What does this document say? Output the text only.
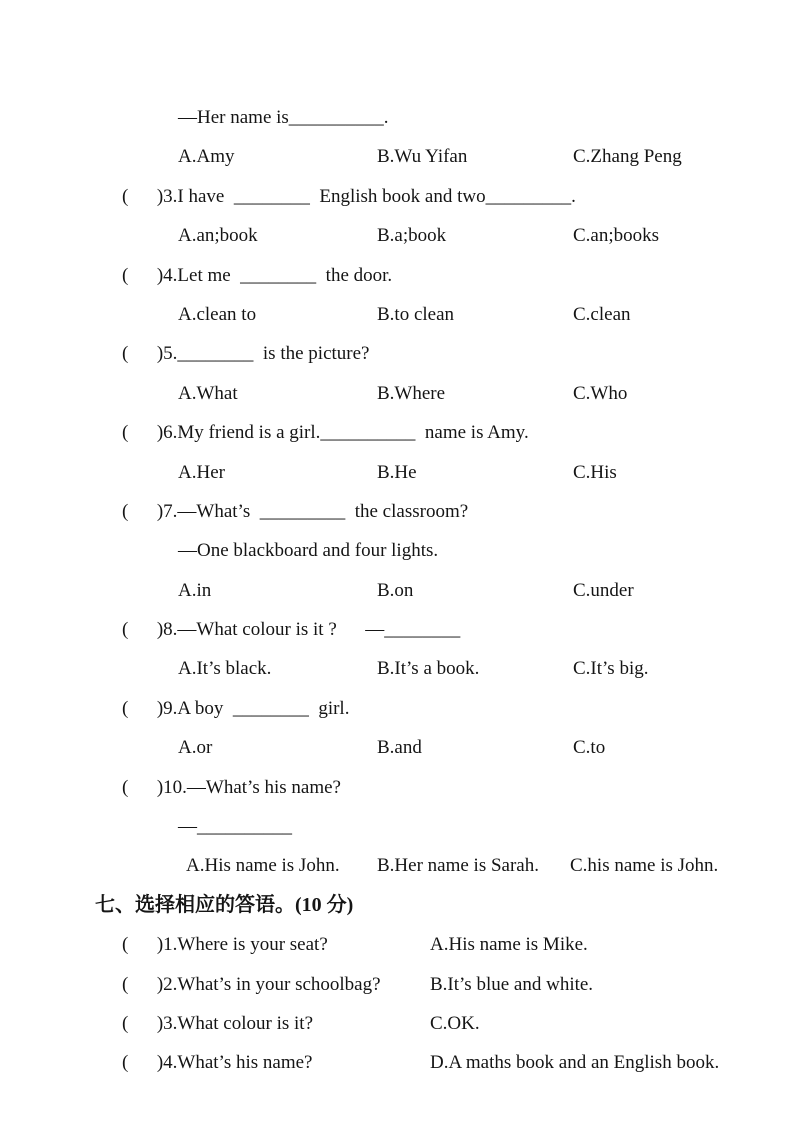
—Her name is__________.
A.Amy	B.Wu Yifan	C.Zhang Peng
(      )3.I have  ________  English book and two_________.
A.an;book	B.a;book	C.an;books
(      )4.Let me  ________  the door.
A.clean to	B.to clean	C.clean
(      )5.________  is the picture?
A.What	B.Where	C.Who
(      )6.My friend is a girl.__________  name is Amy.
A.Her	B.He	C.His
(      )7.—What’s  _________  the classroom?
—One blackboard and four lights.
A.in	B.on	C.under
(      )8.—What colour is it ?      —________
A.It’s black.	B.It’s a book.	C.It’s big.
(      )9.A boy  ________  girl.
A.or	B.and	C.to
(      )10.—What’s his name?
—__________
A.His name is John.	B.Her name is Sarah.	C.his name is John.
七、选择相应的答语。(10 分)
(      )1.Where is your seat?	A.His name is Mike.
(      )2.What’s in your schoolbag?	B.It’s blue and white.
(      )3.What colour is it?	C.OK.
(      )4.What’s his name?	D.A maths book and an English book.
